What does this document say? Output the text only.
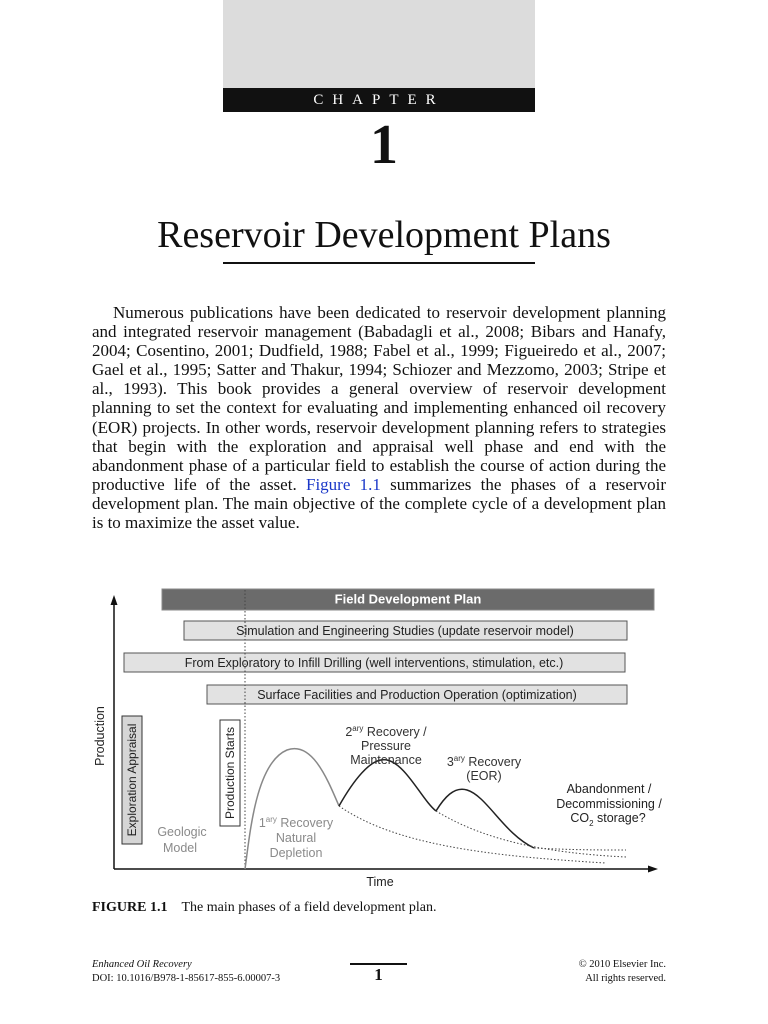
CHAPTER
1
Reservoir Development Plans

Numerous publications have been dedicated to reservoir development planning and integrated reservoir management (Babadagli et al., 2008; Bibars and Hanafy, 2004; Cosentino, 2001; Dudfield, 1988; Fabel et al., 1999; Figueiredo et al., 2007; Gael et al., 1995; Satter and Thakur, 1994; Schiozer and Mezzomo, 2003; Stripe et al., 1993). This book provides a general overview of reservoir development planning to set the context for evaluating and implementing enhanced oil recovery (EOR) projects. In other words, reservoir development planning refers to strategies that begin with the exploration and appraisal well phase and end with the abandonment phase of a particular field to establish the course of action during the productive life of the asset. Figure 1.1 summarizes the phases of a reservoir development plan. The main objective of the complete cycle of a development plan is to maximize the asset value.

Field Development Plan
Simulation and Engineering Studies (update reservoir model)
From Exploratory to Infill Drilling (well interventions, stimulation, etc.)
Surface Facilities and Production Operation (optimization)
Production
Time
Exploration Appraisal	Production Starts
Geologic
Model
$1^{ary}$ Recovery
Natural
Depletion
$2^{ary}$ Recovery /
Pressure
Maintenance $3^{ary}$ Recovery
(EOR)
Abandonment /
Decommissioning /
$CO_2$ storage?
FIGURE 1.1 The main phases of a field development plan.
Enhanced Oil Recovery
DOI: 10.1016/B978-1-85617-855-6.00007-3	1
© 2010 Elsevier Inc.
All rights reserved.
